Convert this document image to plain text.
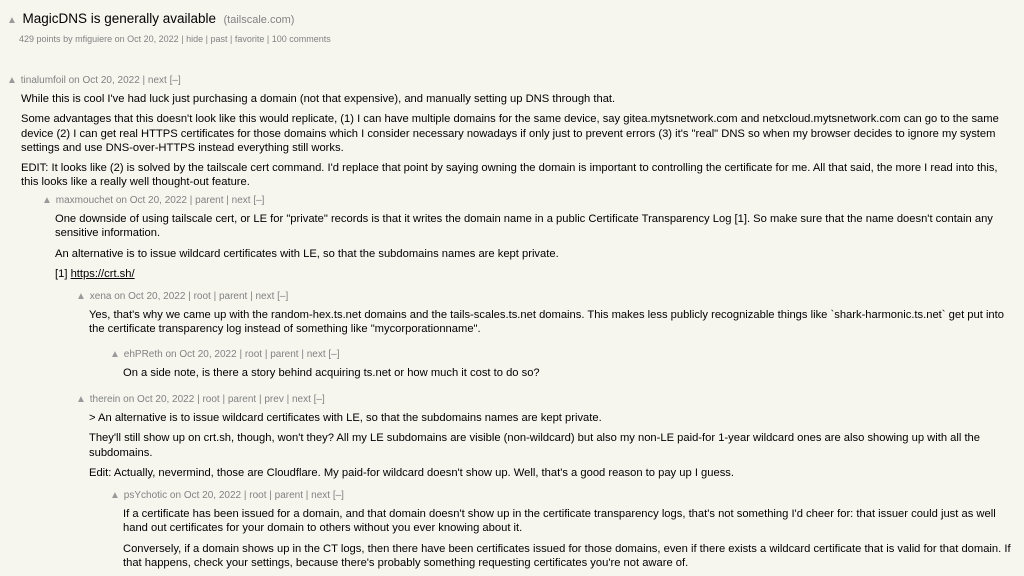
▲ MagicDNS is generally available (tailscale.com)
429 points by mfiguiere on Oct 20, 2022 | hide | past | favorite | 100 comments
▲ tinalumfoil on Oct 20, 2022 | next [–]

While this is cool I've had luck just purchasing a domain (not that expensive), and manually setting up DNS through that.

Some advantages that this doesn't look like this would replicate, (1) I can have multiple domains for the same device, say gitea.mytsnetwork.com and netxcloud.mytsnetwork.com can go to the same device (2) I can get real HTTPS certificates for those domains which I consider necessary nowadays if only just to prevent errors (3) it's "real" DNS so when my browser decides to ignore my system settings and use DNS-over-HTTPS instead everything still works.

EDIT: It looks like (2) is solved by the tailscale cert command. I'd replace that point by saying owning the domain is important to controlling the certificate for me. All that said, the more I read into this, this looks like a really well thought-out feature.

▲ maxmouchet on Oct 20, 2022 | parent | next [–]

One downside of using tailscale cert, or LE for "private" records is that it writes the domain name in a public Certificate Transparency Log [1]. So make sure that the name doesn't contain any sensitive information.

An alternative is to issue wildcard certificates with LE, so that the subdomains names are kept private.

[1] https://crt.sh/

▲ xena on Oct 20, 2022 | root | parent | next [–]

Yes, that's why we came up with the random-hex.ts.net domains and the tails-scales.ts.net domains. This makes less publicly recognizable things like `shark-harmonic.ts.net` get put into the certificate transparency log instead of something like "mycorporationname".

▲ ehPReth on Oct 20, 2022 | root | parent | next [–]

On a side note, is there a story behind acquiring ts.net or how much it cost to do so?

▲ therein on Oct 20, 2022 | root | parent | prev | next [–]

> An alternative is to issue wildcard certificates with LE, so that the subdomains names are kept private.

They'll still show up on crt.sh, though, won't they? All my LE subdomains are visible (non-wildcard) but also my non-LE paid-for 1-year wildcard ones are also showing up with all the subdomains.

Edit: Actually, nevermind, those are Cloudflare. My paid-for wildcard doesn't show up. Well, that's a good reason to pay up I guess.

▲ psYchotic on Oct 20, 2022 | root | parent | next [–]

If a certificate has been issued for a domain, and that domain doesn't show up in the certificate transparency logs, that's not something I'd cheer for: that issuer could just as well hand out certificates for your domain to others without you ever knowing about it.

Conversely, if a domain shows up in the CT logs, then there have been certificates issued for those domains, even if there exists a wildcard certificate that is valid for that domain. If that happens, check your settings, because there's probably something requesting certificates you're not aware of.
